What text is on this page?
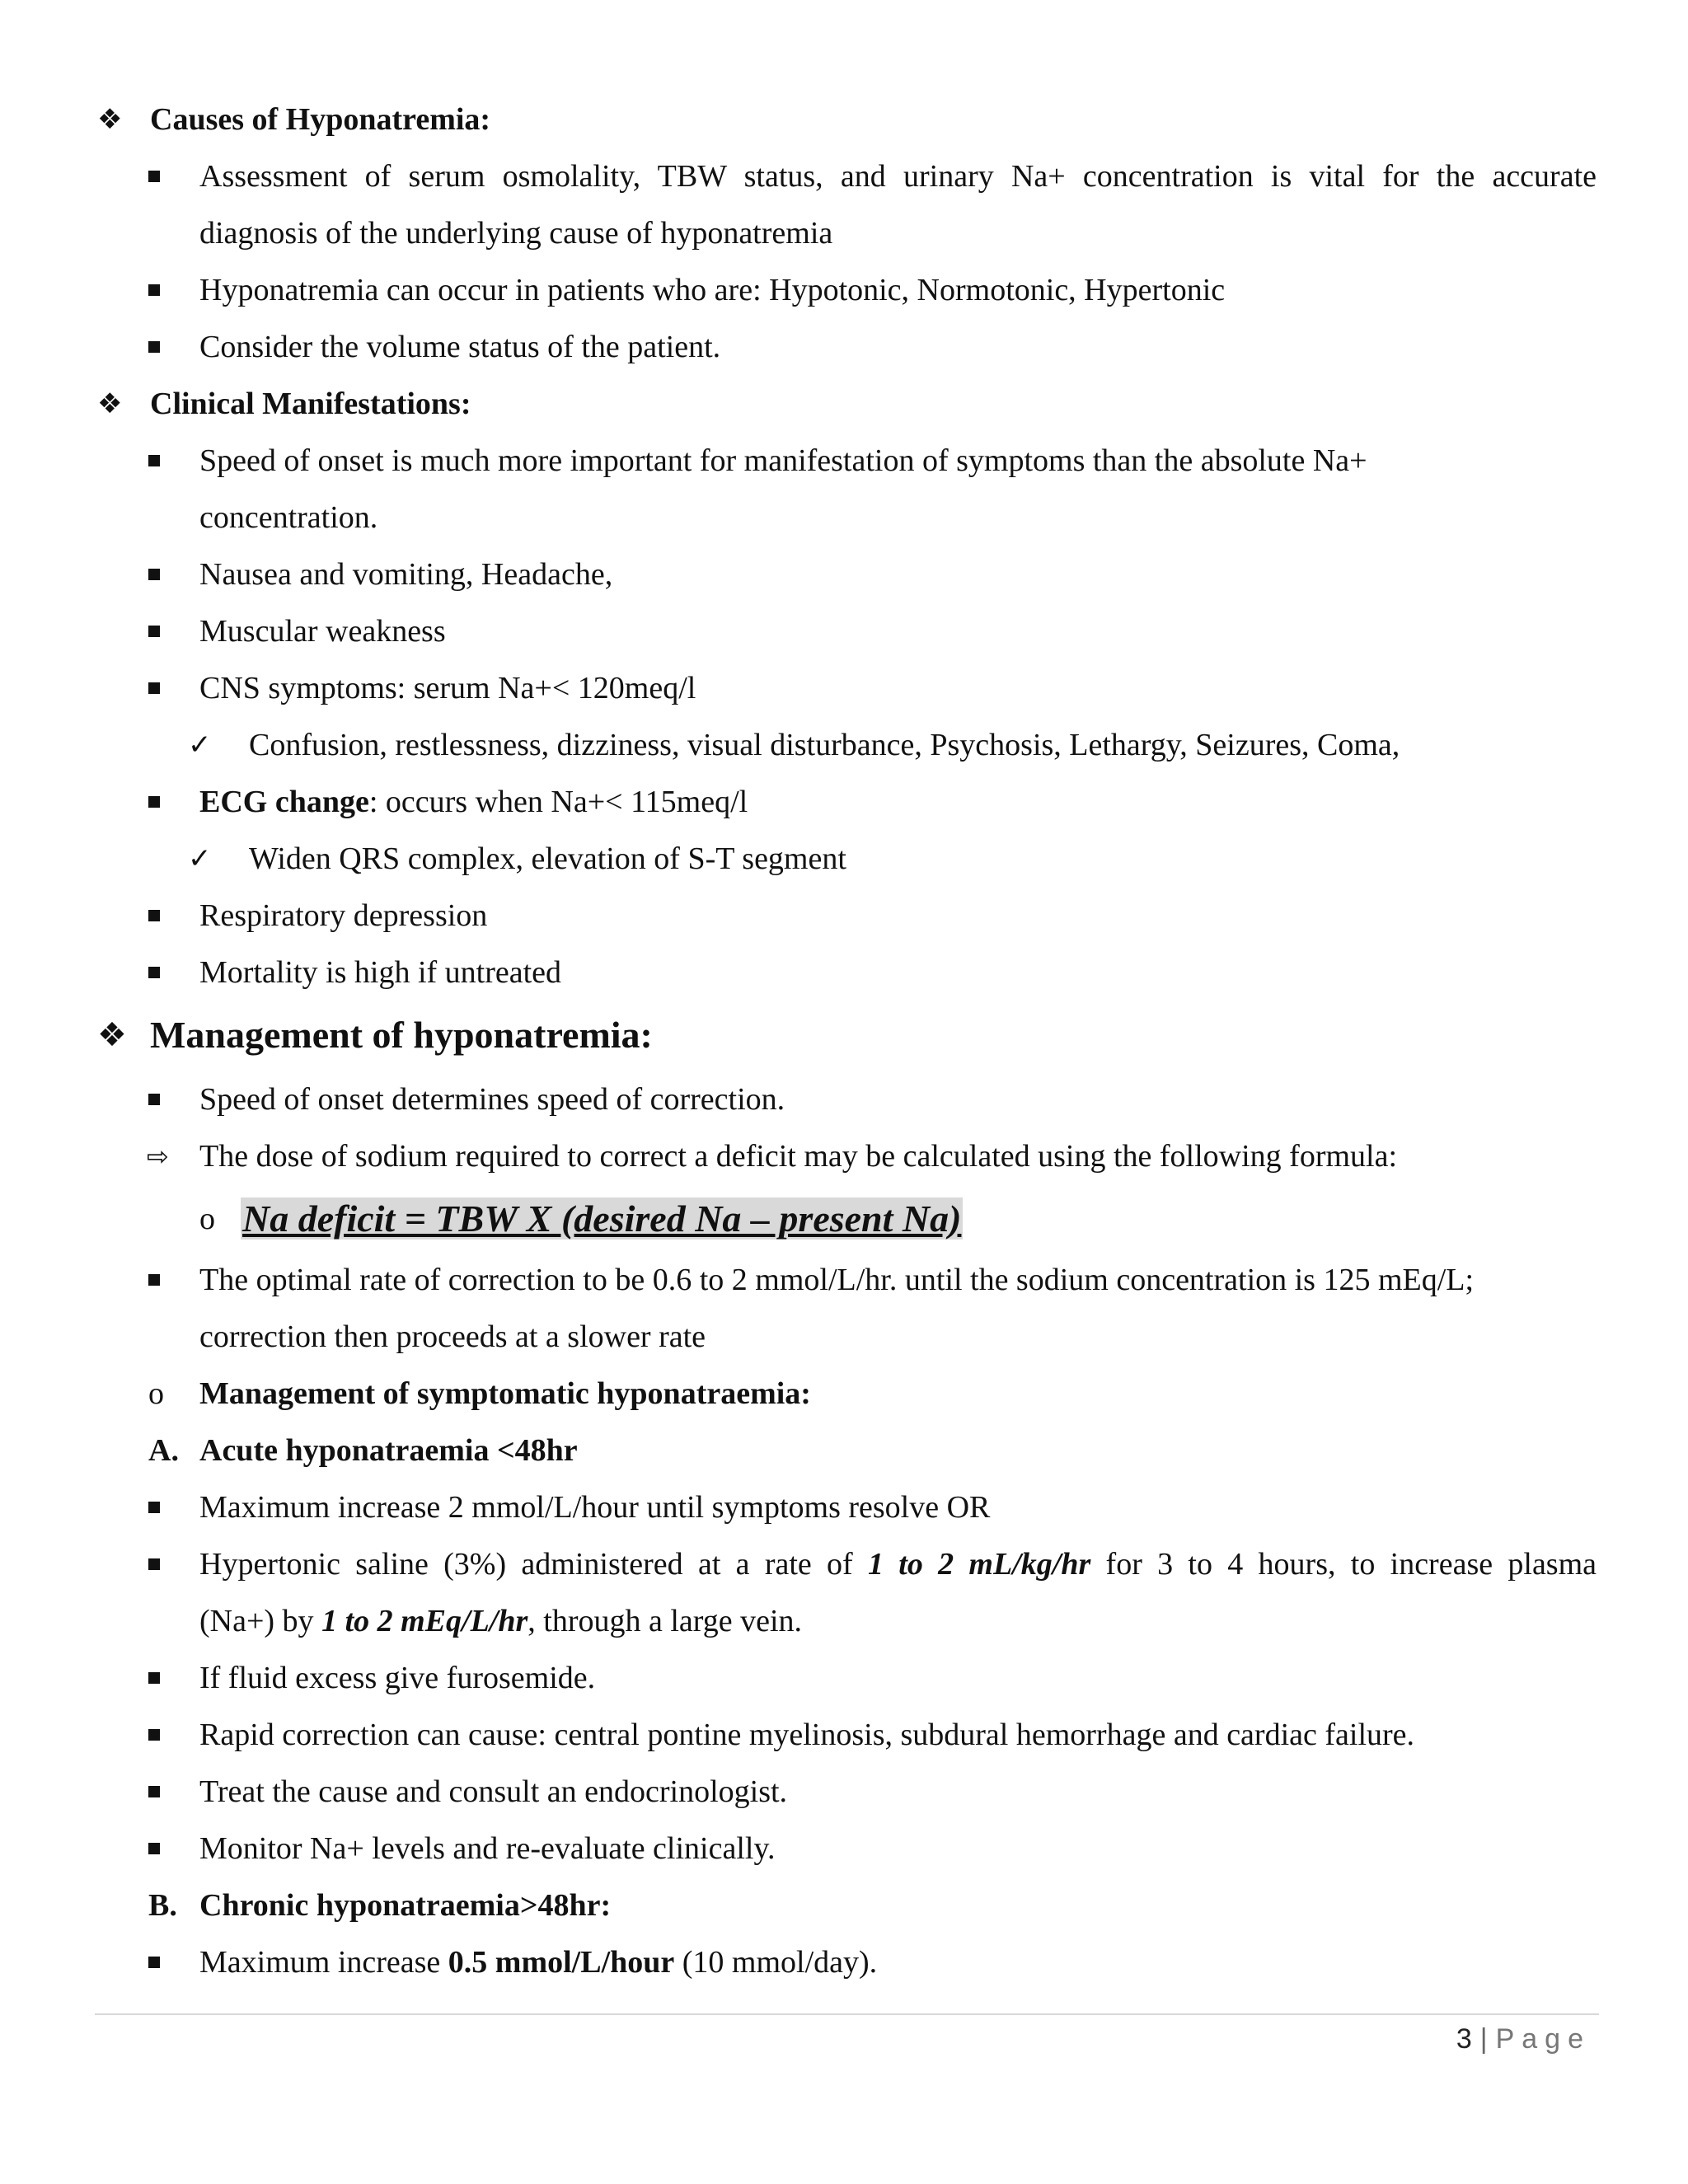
❖ Causes of Hyponatremia:
Assessment of serum osmolality, TBW status, and urinary Na+ concentration is vital for the accurate
diagnosis of the underlying cause of hyponatremia
Hyponatremia can occur in patients who are: Hypotonic, Normotonic, Hypertonic
Consider the volume status of the patient.
❖ Clinical Manifestations:
Speed of onset is much more important for manifestation of symptoms than the absolute Na+
concentration.
Nausea and vomiting, Headache,
Muscular weakness
CNS symptoms: serum Na+< 120meq/l
✓ Confusion, restlessness, dizziness, visual disturbance, Psychosis, Lethargy, Seizures, Coma,
ECG change: occurs when Na+< 115meq/l
✓ Widen QRS complex, elevation of S-T segment
Respiratory depression
Mortality is high if untreated
❖ Management of hyponatremia:
Speed of onset determines speed of correction.
⇨ The dose of sodium required to correct a deficit may be calculated using the following formula:
o Na deficit = TBW X (desired Na – present Na)
The optimal rate of correction to be 0.6 to 2 mmol/L/hr. until the sodium concentration is 125 mEq/L;
correction then proceeds at a slower rate
o Management of symptomatic hyponatraemia:
A. Acute hyponatraemia <48hr
Maximum increase 2 mmol/L/hour until symptoms resolve OR
Hypertonic saline (3%) administered at a rate of 1 to 2 mL/kg/hr for 3 to 4 hours, to increase plasma
(Na+) by 1 to 2 mEq/L/hr, through a large vein.
If fluid excess give furosemide.
Rapid correction can cause: central pontine myelinosis, subdural hemorrhage and cardiac failure.
Treat the cause and consult an endocrinologist.
Monitor Na+ levels and re-evaluate clinically.
B. Chronic hyponatraemia>48hr:
Maximum increase 0.5 mmol/L/hour (10 mmol/day).
3 | Page
